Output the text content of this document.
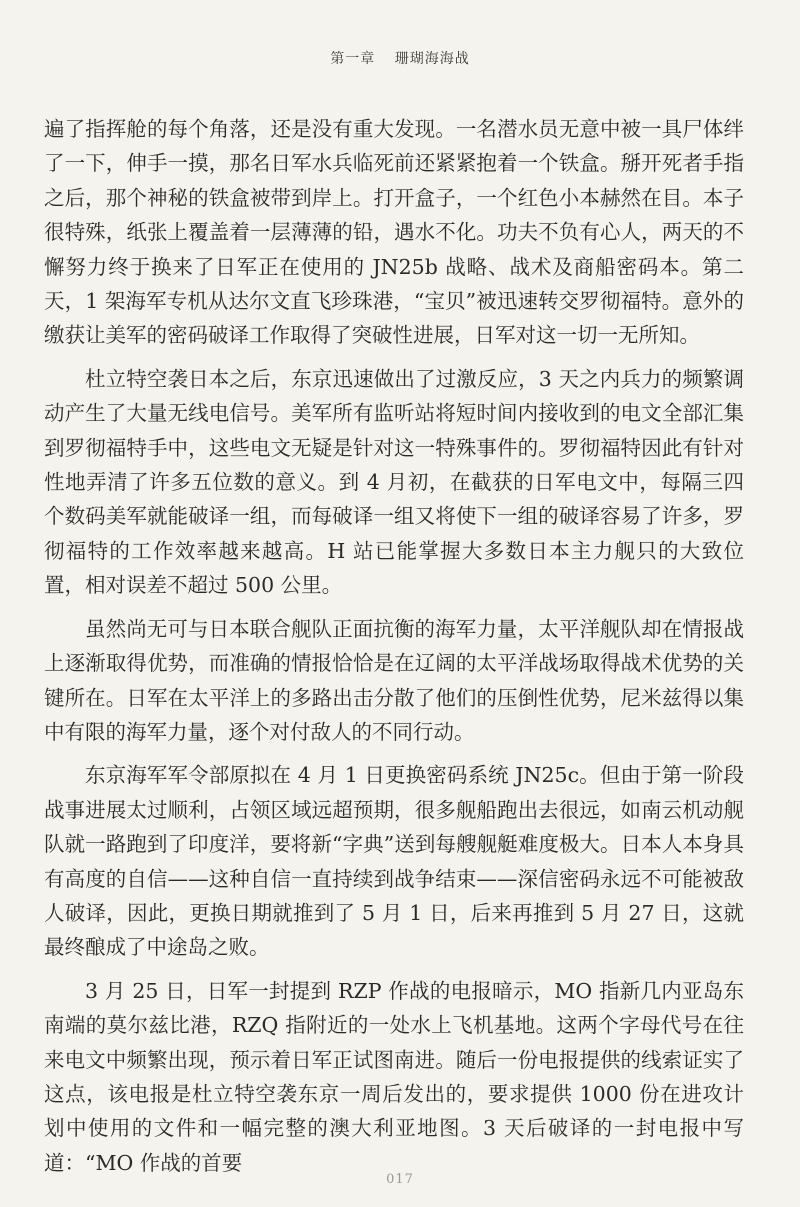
第一章 珊瑚海海战

遍了指挥舱的每个角落，还是没有重大发现。一名潜水员无意中被一具尸体绊了一下，伸手一摸，那名日军水兵临死前还紧紧抱着一个铁盒。掰开死者手指之后，那个神秘的铁盒被带到岸上。打开盒子，一个红色小本赫然在目。本子很特殊，纸张上覆盖着一层薄薄的铅，遇水不化。功夫不负有心人，两天的不懈努力终于换来了日军正在使用的 JN25b 战略、战术及商船密码本。第二天，1 架海军专机从达尔文直飞珍珠港，“宝贝”被迅速转交罗彻福特。意外的缴获让美军的密码破译工作取得了突破性进展，日军对这一切一无所知。

杜立特空袭日本之后，东京迅速做出了过激反应，3 天之内兵力的频繁调动产生了大量无线电信号。美军所有监听站将短时间内接收到的电文全部汇集到罗彻福特手中，这些电文无疑是针对这一特殊事件的。罗彻福特因此有针对性地弄清了许多五位数的意义。到 4 月初，在截获的日军电文中，每隔三四个数码美军就能破译一组，而每破译一组又将使下一组的破译容易了许多，罗彻福特的工作效率越来越高。H 站已能掌握大多数日本主力舰只的大致位置，相对误差不超过 500 公里。

虽然尚无可与日本联合舰队正面抗衡的海军力量，太平洋舰队却在情报战上逐渐取得优势，而准确的情报恰恰是在辽阔的太平洋战场取得战术优势的关键所在。日军在太平洋上的多路出击分散了他们的压倒性优势，尼米兹得以集中有限的海军力量，逐个对付敌人的不同行动。

东京海军军令部原拟在 4 月 1 日更换密码系统 JN25c。但由于第一阶段战事进展太过顺利，占领区域远超预期，很多舰船跑出去很远，如南云机动舰队就一路跑到了印度洋，要将新“字典”送到每艘舰艇难度极大。日本人本身具有高度的自信——这种自信一直持续到战争结束——深信密码永远不可能被敌人破译，因此，更换日期就推到了 5 月 1 日，后来再推到 5 月 27 日，这就最终酿成了中途岛之败。

3 月 25 日，日军一封提到 RZP 作战的电报暗示，MO 指新几内亚岛东南端的莫尔兹比港，RZQ 指附近的一处水上飞机基地。这两个字母代号在往来电文中频繁出现，预示着日军正试图南进。随后一份电报提供的线索证实了这点，该电报是杜立特空袭东京一周后发出的，要求提供 1000 份在进攻计划中使用的文件和一幅完整的澳大利亚地图。3 天后破译的一封电报中写道：“MO 作战的首要

017
